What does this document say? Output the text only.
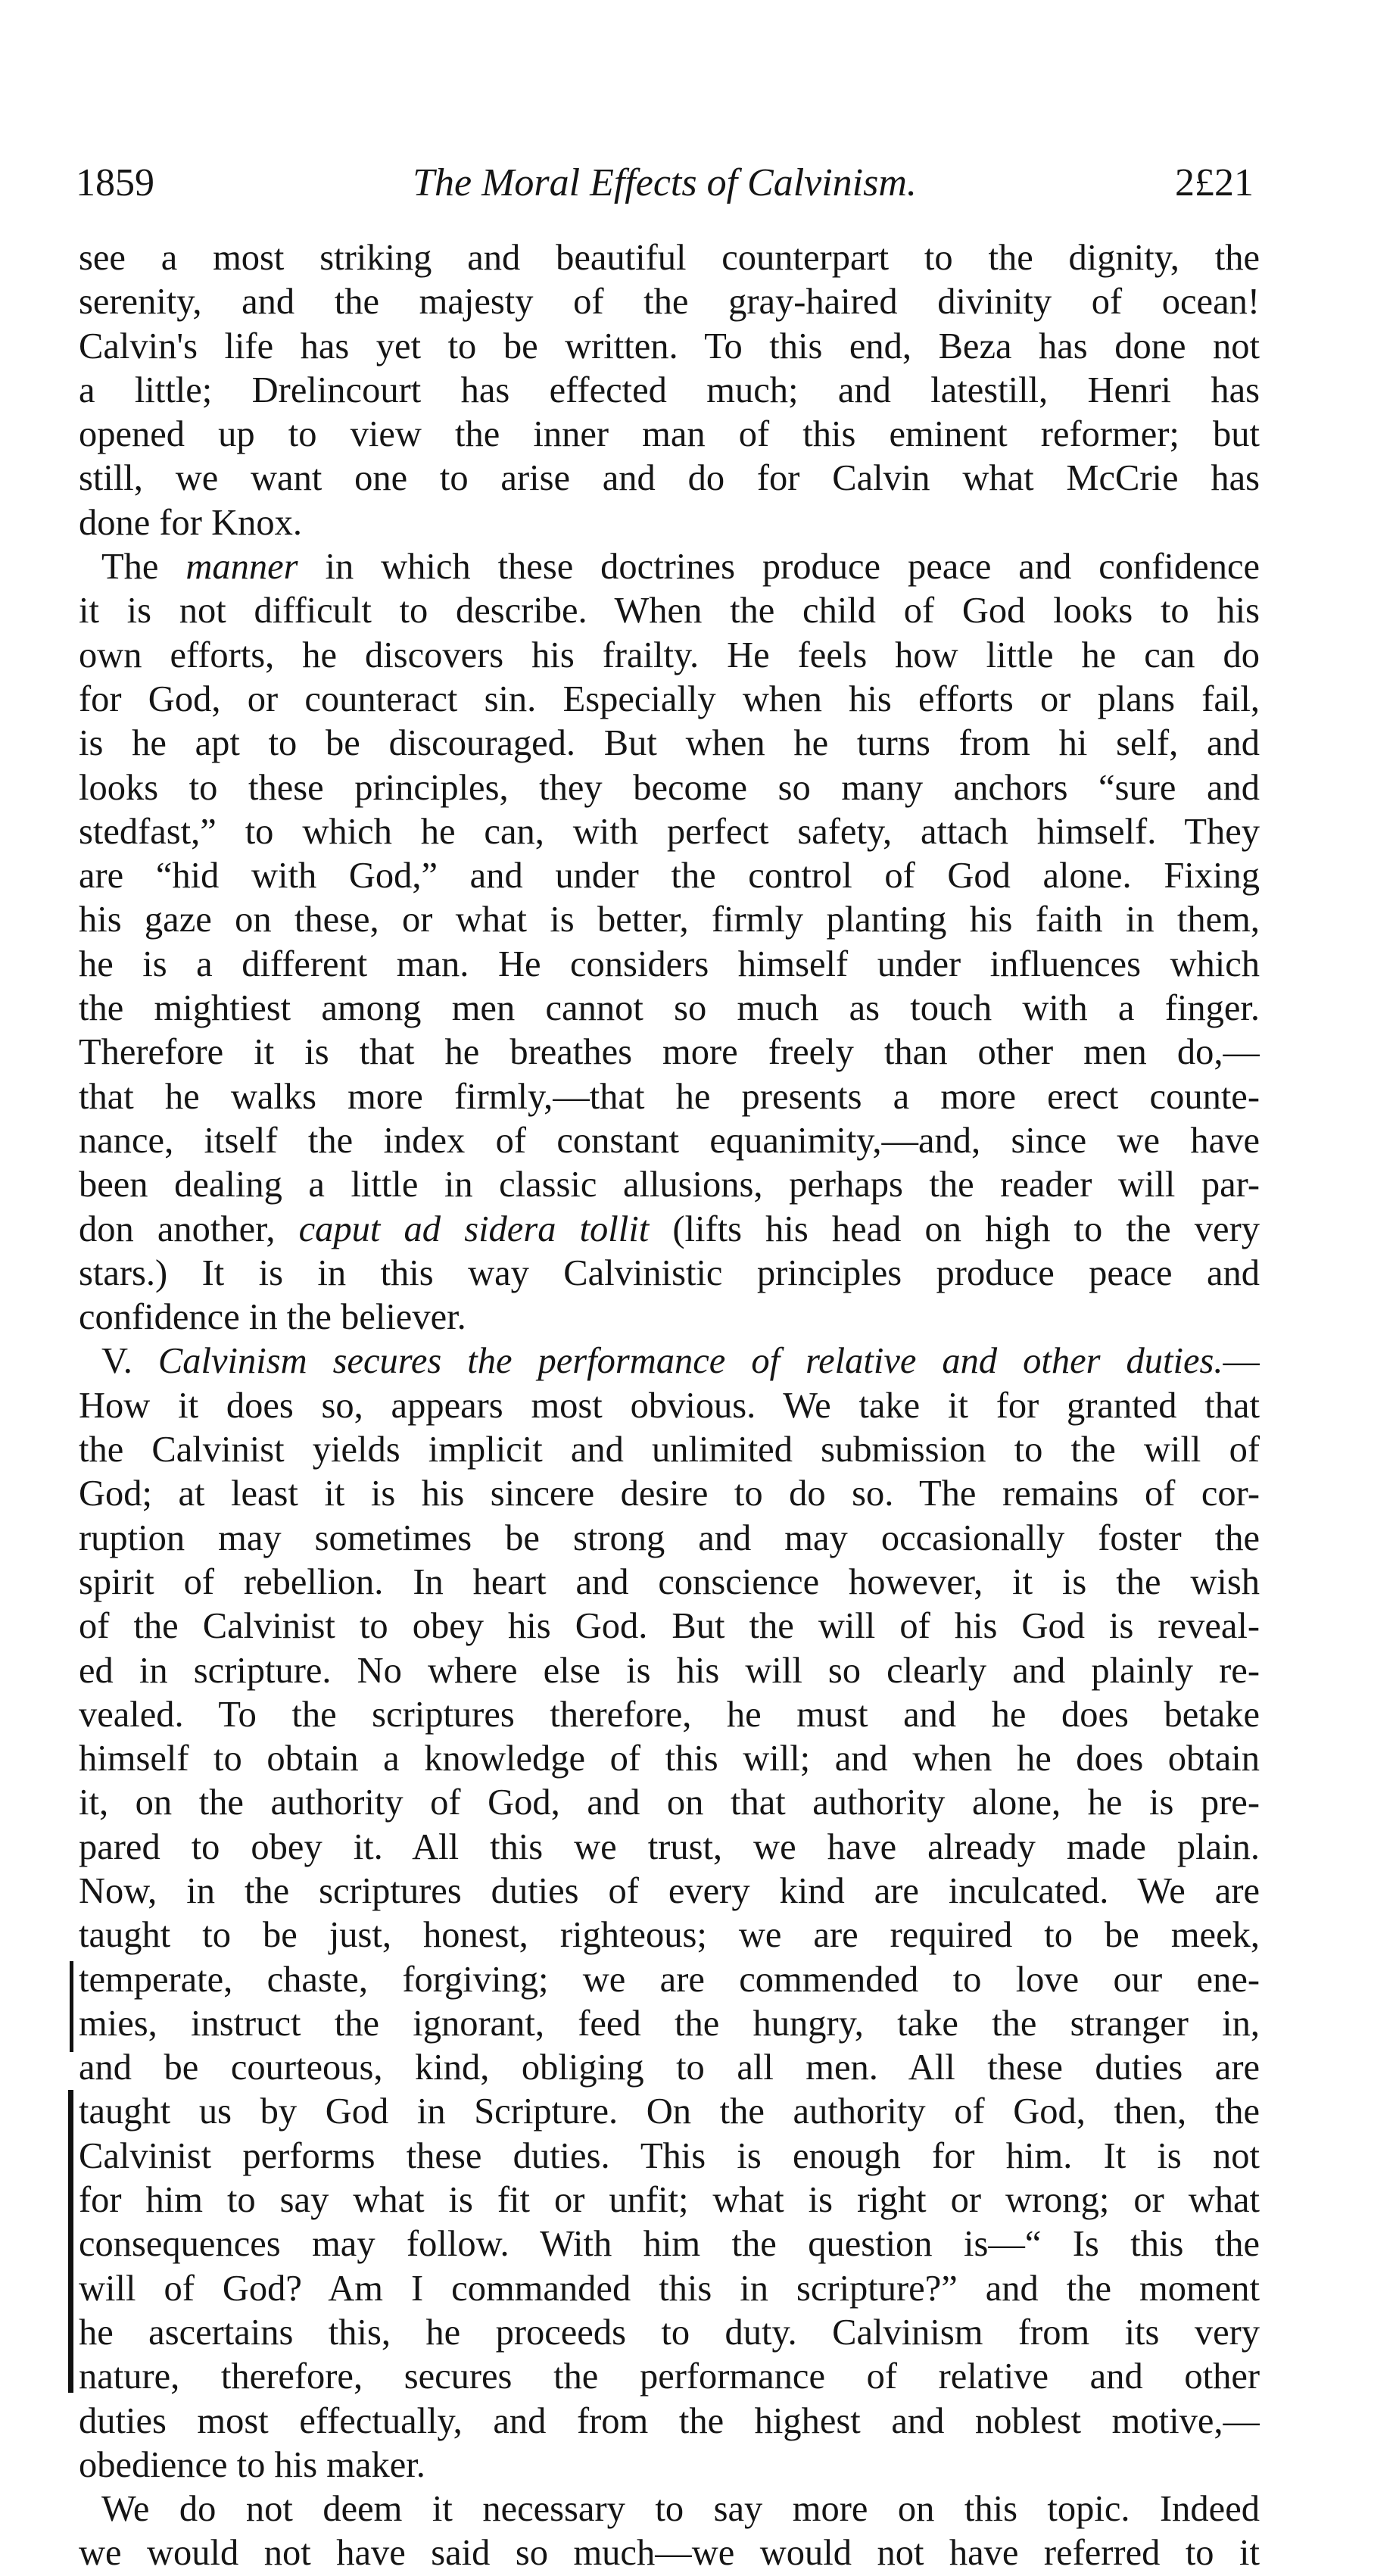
1859	The Moral Effects of Calvinism.	2£21
see a most striking and beautiful counterpart to the dignity, the
serenity, and the majesty of the gray-haired divinity of ocean!
Calvin's life has yet to be written. To this end, Beza has done not
a little; Drelincourt has effected much; and latestill, Henri has
opened up to view the inner man of this eminent reformer; but
still, we want one to arise and do for Calvin what McCrie has
done for Knox.
The manner in which these doctrines produce peace and confidence
it is not difficult to describe. When the child of God looks to his
own efforts, he discovers his frailty. He feels how little he can do
for God, or counteract sin. Especially when his efforts or plans fail,
is he apt to be discouraged. But when he turns from hi self, and
looks to these principles, they become so many anchors “sure and
stedfast,” to which he can, with perfect safety, attach himself. They
are “hid with God,” and under the control of God alone. Fixing
his gaze on these, or what is better, firmly planting his faith in them,
he is a different man. He considers himself under influences which
the mightiest among men cannot so much as touch with a finger.
Therefore it is that he breathes more freely than other men do,—
that he walks more firmly,—that he presents a more erect counte-
nance, itself the index of constant equanimity,—and, since we have
been dealing a little in classic allusions, perhaps the reader will par-
don another, caput ad sidera tollit (lifts his head on high to the very
stars.) It is in this way Calvinistic principles produce peace and
confidence in the believer.
V. Calvinism secures the performance of relative and other duties.—
How it does so, appears most obvious. We take it for granted that
the Calvinist yields implicit and unlimited submission to the will of
God; at least it is his sincere desire to do so. The remains of cor-
ruption may sometimes be strong and may occasionally foster the
spirit of rebellion. In heart and conscience however, it is the wish
of the Calvinist to obey his God. But the will of his God is reveal-
ed in scripture. No where else is his will so clearly and plainly re-
vealed. To the scriptures therefore, he must and he does betake
himself to obtain a knowledge of this will; and when he does obtain
it, on the authority of God, and on that authority alone, he is pre-
pared to obey it. All this we trust, we have already made plain.
Now, in the scriptures duties of every kind are inculcated. We are
taught to be just, honest, righteous; we are required to be meek,
temperate, chaste, forgiving; we are commended to love our ene-
mies, instruct the ignorant, feed the hungry, take the stranger in,
and be courteous, kind, obliging to all men. All these duties are
taught us by God in Scripture. On the authority of God, then, the
Calvinist performs these duties. This is enough for him. It is not
for him to say what is fit or unfit; what is right or wrong; or what
consequences may follow. With him the question is—“ Is this the
will of God? Am I commanded this in scripture?” and the moment
he ascertains this, he proceeds to duty. Calvinism from its very
nature, therefore, secures the performance of relative and other
duties most effectually, and from the highest and noblest motive,—
obedience to his maker.
We do not deem it necessary to say more on this topic. Indeed
we would not have said so much—we would not have referred to it
